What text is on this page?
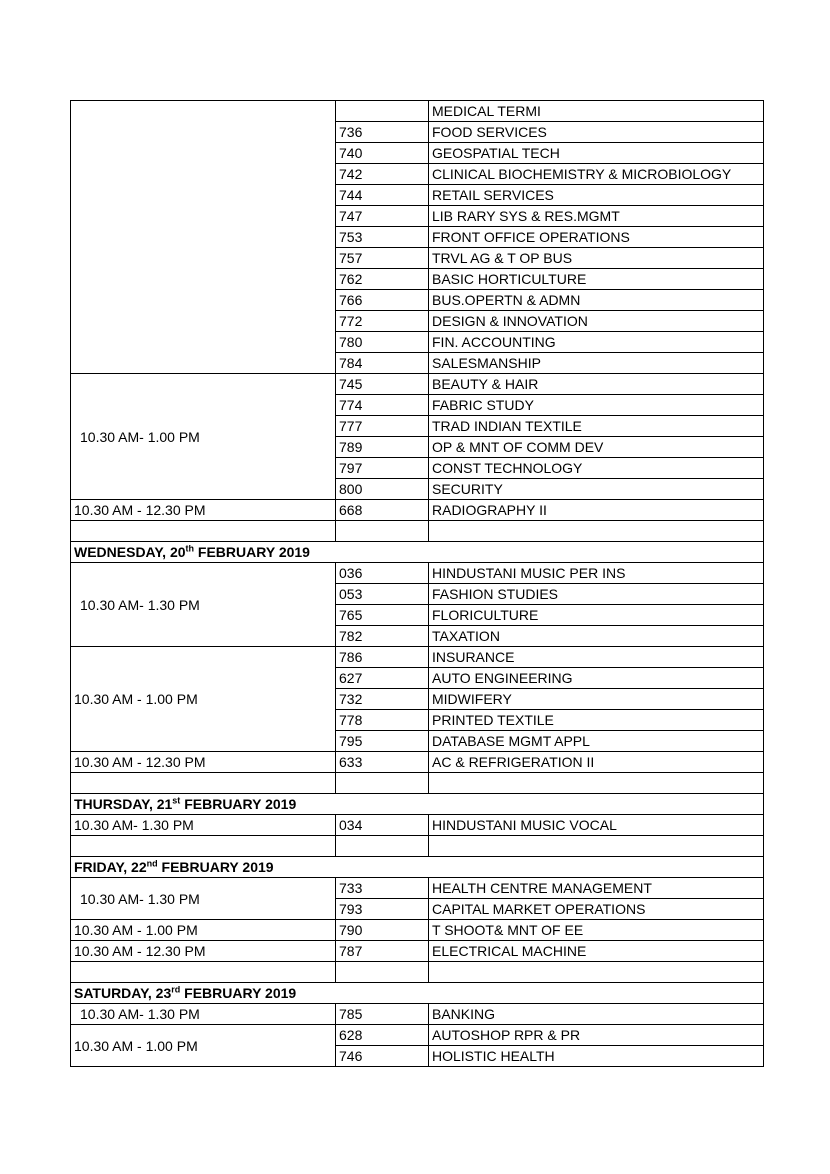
		MEDICAL TERMI
	736	FOOD SERVICES
	740	GEOSPATIAL TECH
	742	CLINICAL BIOCHEMISTRY & MICROBIOLOGY
	744	RETAIL SERVICES
	747	LIB RARY SYS & RES.MGMT
	753	FRONT OFFICE OPERATIONS
	757	TRVL AG & T OP BUS
	762	BASIC HORTICULTURE
	766	BUS.OPERTN & ADMN
	772	DESIGN & INNOVATION
	780	FIN. ACCOUNTING
	784	SALESMANSHIP
10.30 AM- 1.00 PM	745	BEAUTY & HAIR
	774	FABRIC STUDY
	777	TRAD INDIAN TEXTILE
	789	OP & MNT OF COMM DEV
	797	CONST TECHNOLOGY
	800	SECURITY
10.30 AM - 12.30 PM	668	RADIOGRAPHY II

WEDNESDAY, 20th FEBRUARY 2019		
10.30 AM- 1.30 PM	036	HINDUSTANI MUSIC PER INS
	053	FASHION STUDIES
	765	FLORICULTURE
	782	TAXATION
10.30 AM - 1.00 PM	786	INSURANCE
	627	AUTO ENGINEERING
	732	MIDWIFERY
	778	PRINTED TEXTILE
	795	DATABASE MGMT APPL
10.30 AM - 12.30 PM	633	AC & REFRIGERATION II

THURSDAY, 21st FEBRUARY 2019		
10.30 AM- 1.30 PM	034	HINDUSTANI MUSIC VOCAL

FRIDAY, 22nd FEBRUARY 2019		
10.30 AM- 1.30 PM	733	HEALTH CENTRE MANAGEMENT
	793	CAPITAL MARKET OPERATIONS
10.30 AM - 1.00 PM	790	T SHOOT& MNT OF EE
10.30 AM - 12.30 PM	787	ELECTRICAL MACHINE

SATURDAY, 23rd FEBRUARY 2019		
10.30 AM- 1.30 PM	785	BANKING
10.30 AM - 1.00 PM	628	AUTOSHOP RPR & PR
	746	HOLISTIC HEALTH
